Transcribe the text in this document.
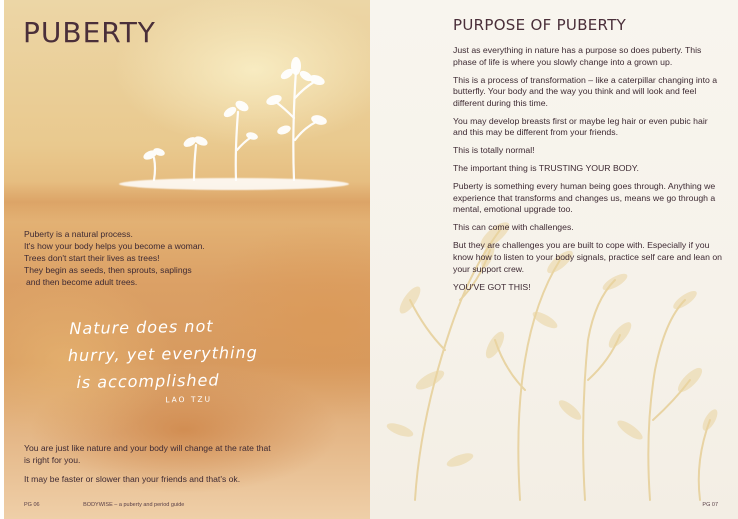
PUBERTY
Puberty is a natural process.
It's how your body helps you become a woman.
Trees don't start their lives as trees!
They begin as seeds, then sprouts, saplings
and then become adult trees.
Nature does not
hurry, yet everything
is accomplished
LAO TZU

You are just like nature and your body will change at the rate that is right for you.

It may be faster or slower than your friends and that's ok.

PG 06	BODYWISE – a puberty and period guide
PURPOSE OF PUBERTY

Just as everything in nature has a purpose so does puberty. This phase of life is where you slowly change into a grown up.

This is a process of transformation – like a caterpillar changing into a butterfly. Your body and the way you think and will look and feel different during this time.

You may develop breasts first or maybe leg hair or even pubic hair and this may be different from your friends.

This is totally normal!

The important thing is TRUSTING YOUR BODY.

Puberty is something every human being goes through. Anything we experience that transforms and changes us, means we go through a mental, emotional upgrade too.

This can come with challenges.

But they are challenges you are built to cope with. Especially if you know how to listen to your body signals, practice self care and lean on your support crew.

YOU'VE GOT THIS!

PG 07
